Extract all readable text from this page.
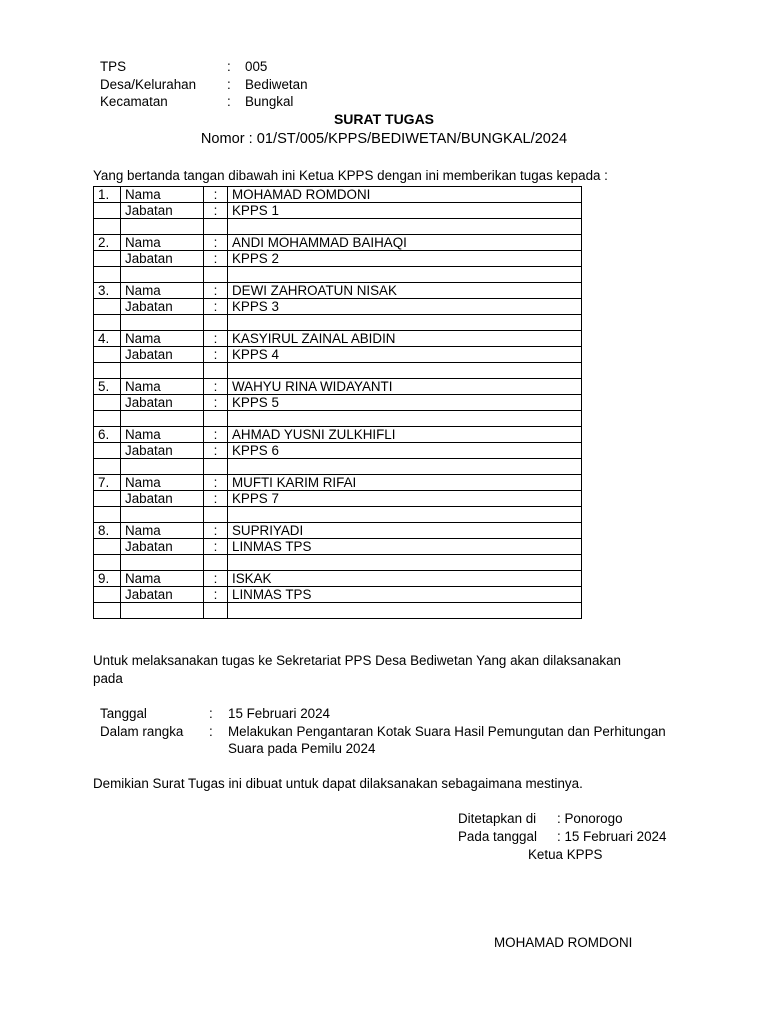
TPS	: 005
Desa/Kelurahan : Bediwetan
Kecamatan	: Bungkal
SURAT TUGAS
Nomor : 01/ST/005/KPPS/BEDIWETAN/BUNGKAL/2024
Yang bertanda tangan dibawah ini Ketua KPPS dengan ini memberikan tugas kepada :
1.	Nama	:	MOHAMAD ROMDONI
	Jabatan	:	KPPS 1

2.	Nama	:	ANDI MOHAMMAD BAIHAQI
	Jabatan	:	KPPS 2

3.	Nama	:	DEWI ZAHROATUN NISAK
	Jabatan	:	KPPS 3

4.	Nama	:	KASYIRUL ZAINAL ABIDIN
	Jabatan	:	KPPS 4

5.	Nama	:	WAHYU RINA WIDAYANTI
	Jabatan	:	KPPS 5

6.	Nama	:	AHMAD YUSNI ZULKHIFLI
	Jabatan	:	KPPS 6

7.	Nama	:	MUFTI KARIM RIFAI
	Jabatan	:	KPPS 7

8.	Nama	:	SUPRIYADI
	Jabatan	:	LINMAS TPS

9.	Nama	:	ISKAK
	Jabatan	:	LINMAS TPS

Untuk melaksanakan tugas ke Sekretariat PPS Desa Bediwetan Yang akan dilaksanakan
pada
Tanggal	: 15 Februari 2024
Dalam rangka : Melakukan Pengantaran Kotak Suara Hasil Pemungutan dan Perhitungan
Suara pada Pemilu 2024
Demikian Surat Tugas ini dibuat untuk dapat dilaksanakan sebagaimana mestinya.
Ditetapkan di : Ponorogo
Pada tanggal : 15 Februari 2024
Ketua KPPS
MOHAMAD ROMDONI
